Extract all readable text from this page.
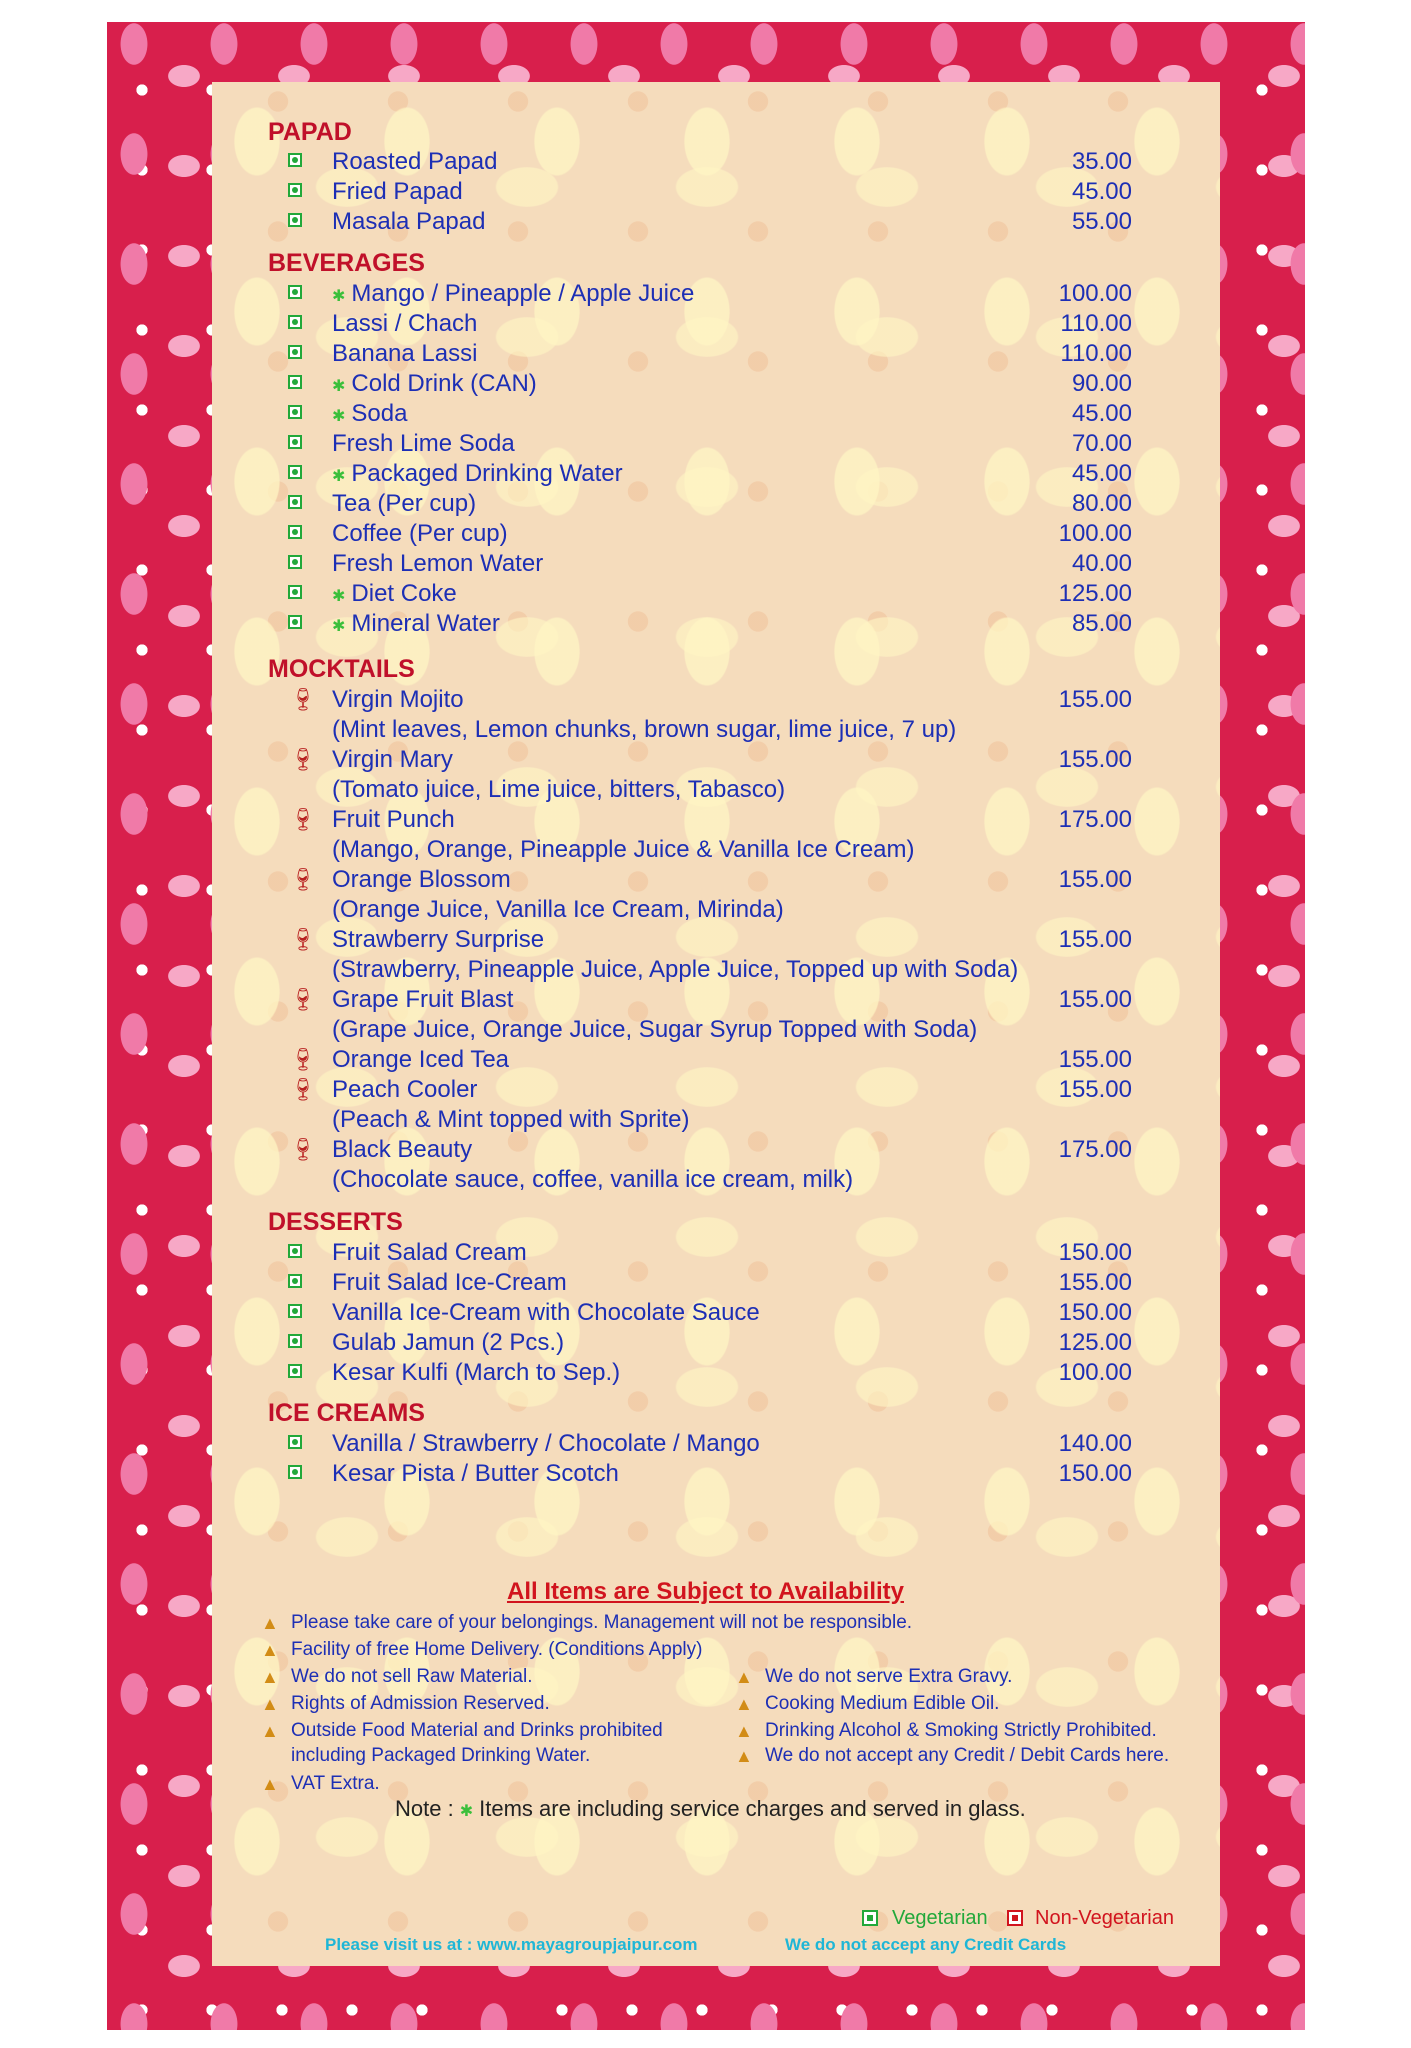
PAPAD
Roasted Papad	35.00
Fried Papad	45.00
Masala Papad	55.00
BEVERAGES
✱ Mango / Pineapple / Apple Juice	100.00
Lassi / Chach	110.00
Banana Lassi	110.00
✱ Cold Drink (CAN)	90.00
✱ Soda	45.00
Fresh Lime Soda	70.00
✱ Packaged Drinking Water	45.00
Tea (Per cup)	80.00
Coffee (Per cup)	100.00
Fresh Lemon Water	40.00
✱ Diet Coke	125.00
✱ Mineral Water	85.00
MOCKTAILS
🍷︎ Virgin Mojito	155.00
(Mint leaves, Lemon chunks, brown sugar, lime juice, 7 up)
🍷︎ Virgin Mary	155.00
(Tomato juice, Lime juice, bitters, Tabasco)
🍷︎ Fruit Punch	175.00
(Mango, Orange, Pineapple Juice & Vanilla Ice Cream)
🍷︎ Orange Blossom	155.00
(Orange Juice, Vanilla Ice Cream, Mirinda)
🍷︎ Strawberry Surprise	155.00
(Strawberry, Pineapple Juice, Apple Juice, Topped up with Soda)
🍷︎ Grape Fruit Blast	155.00
(Grape Juice, Orange Juice, Sugar Syrup Topped with Soda)
🍷︎ Orange Iced Tea	155.00
🍷︎ Peach Cooler	155.00
(Peach & Mint topped with Sprite)
🍷︎ Black Beauty	175.00
(Chocolate sauce, coffee, vanilla ice cream, milk)
DESSERTS
Fruit Salad Cream	150.00
Fruit Salad Ice-Cream	155.00
Vanilla Ice-Cream with Chocolate Sauce	150.00
Gulab Jamun (2 Pcs.)	125.00
Kesar Kulfi (March to Sep.)	100.00
ICE CREAMS
Vanilla / Strawberry / Chocolate / Mango	140.00
Kesar Pista / Butter Scotch	150.00
All Items are Subject to Availability
▲ Please take care of your belongings. Management will not be responsible.
▲ Facility of free Home Delivery. (Conditions Apply)
▲ We do not sell Raw Material.
▲ Rights of Admission Reserved.
▲ Outside Food Material and Drinks prohibited
including Packaged Drinking Water.
▲ VAT Extra.
▲ We do not serve Extra Gravy.
▲ Cooking Medium Edible Oil.
▲ Drinking Alcohol & Smoking Strictly Prohibited.
▲ We do not accept any Credit / Debit Cards here.
Note : ✱ Items are including service charges and served in glass.
Vegetarian	Non-Vegetarian
Please visit us at : www.mayagroupjaipur.com	We do not accept any Credit Cards
